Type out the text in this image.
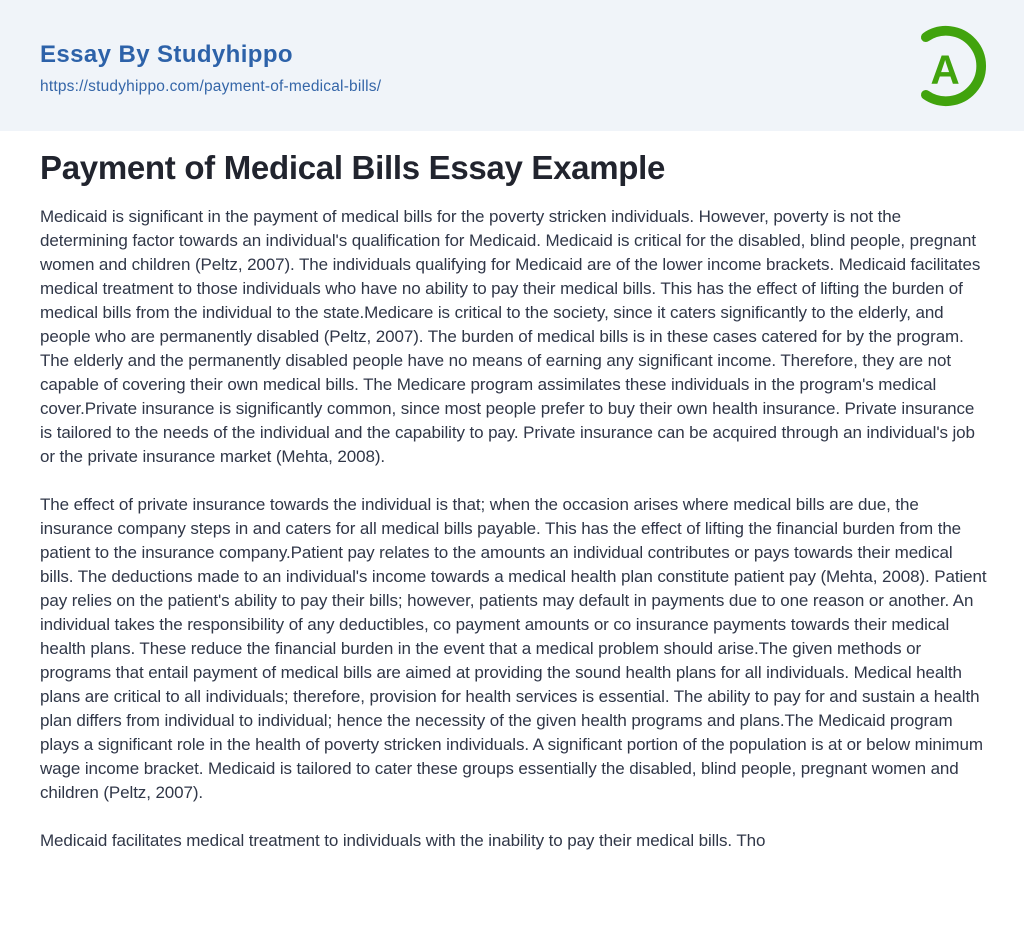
Essay By Studyhippo
https://studyhippo.com/payment-of-medical-bills/	A
Payment of Medical Bills Essay Example

Medicaid is significant in the payment of medical bills for the poverty stricken individuals. However, poverty is not the determining factor towards an individual's qualification for Medicaid. Medicaid is critical for the disabled, blind people, pregnant women and children (Peltz, 2007). The individuals qualifying for Medicaid are of the lower income brackets. Medicaid facilitates medical treatment to those individuals who have no ability to pay their medical bills. This has the effect of lifting the burden of medical bills from the individual to the state.Medicare is critical to the society, since it caters significantly to the elderly, and people who are permanently disabled (Peltz, 2007). The burden of medical bills is in these cases catered for by the program. The elderly and the permanently disabled people have no means of earning any significant income. Therefore, they are not capable of covering their own medical bills. The Medicare program assimilates these individuals in the program's medical cover.Private insurance is significantly common, since most people prefer to buy their own health insurance. Private insurance is tailored to the needs of the individual and the capability to pay. Private insurance can be acquired through an individual's job or the private insurance market (Mehta, 2008).

The effect of private insurance towards the individual is that; when the occasion arises where medical bills are due, the insurance company steps in and caters for all medical bills payable. This has the effect of lifting the financial burden from the patient to the insurance company.Patient pay relates to the amounts an individual contributes or pays towards their medical bills. The deductions made to an individual's income towards a medical health plan constitute patient pay (Mehta, 2008). Patient pay relies on the patient's ability to pay their bills; however, patients may default in payments due to one reason or another. An individual takes the responsibility of any deductibles, co payment amounts or co insurance payments towards their medical health plans. These reduce the financial burden in the event that a medical problem should arise.The given methods or programs that entail payment of medical bills are aimed at providing the sound health plans for all individuals. Medical health plans are critical to all individuals; therefore, provision for health services is essential. The ability to pay for and sustain a health plan differs from individual to individual; hence the necessity of the given health programs and plans.The Medicaid program plays a significant role in the health of poverty stricken individuals. A significant portion of the population is at or below minimum wage income bracket. Medicaid is tailored to cater these groups essentially the disabled, blind people, pregnant women and children (Peltz, 2007).

Medicaid facilitates medical treatment to individuals with the inability to pay their medical bills. Tho
